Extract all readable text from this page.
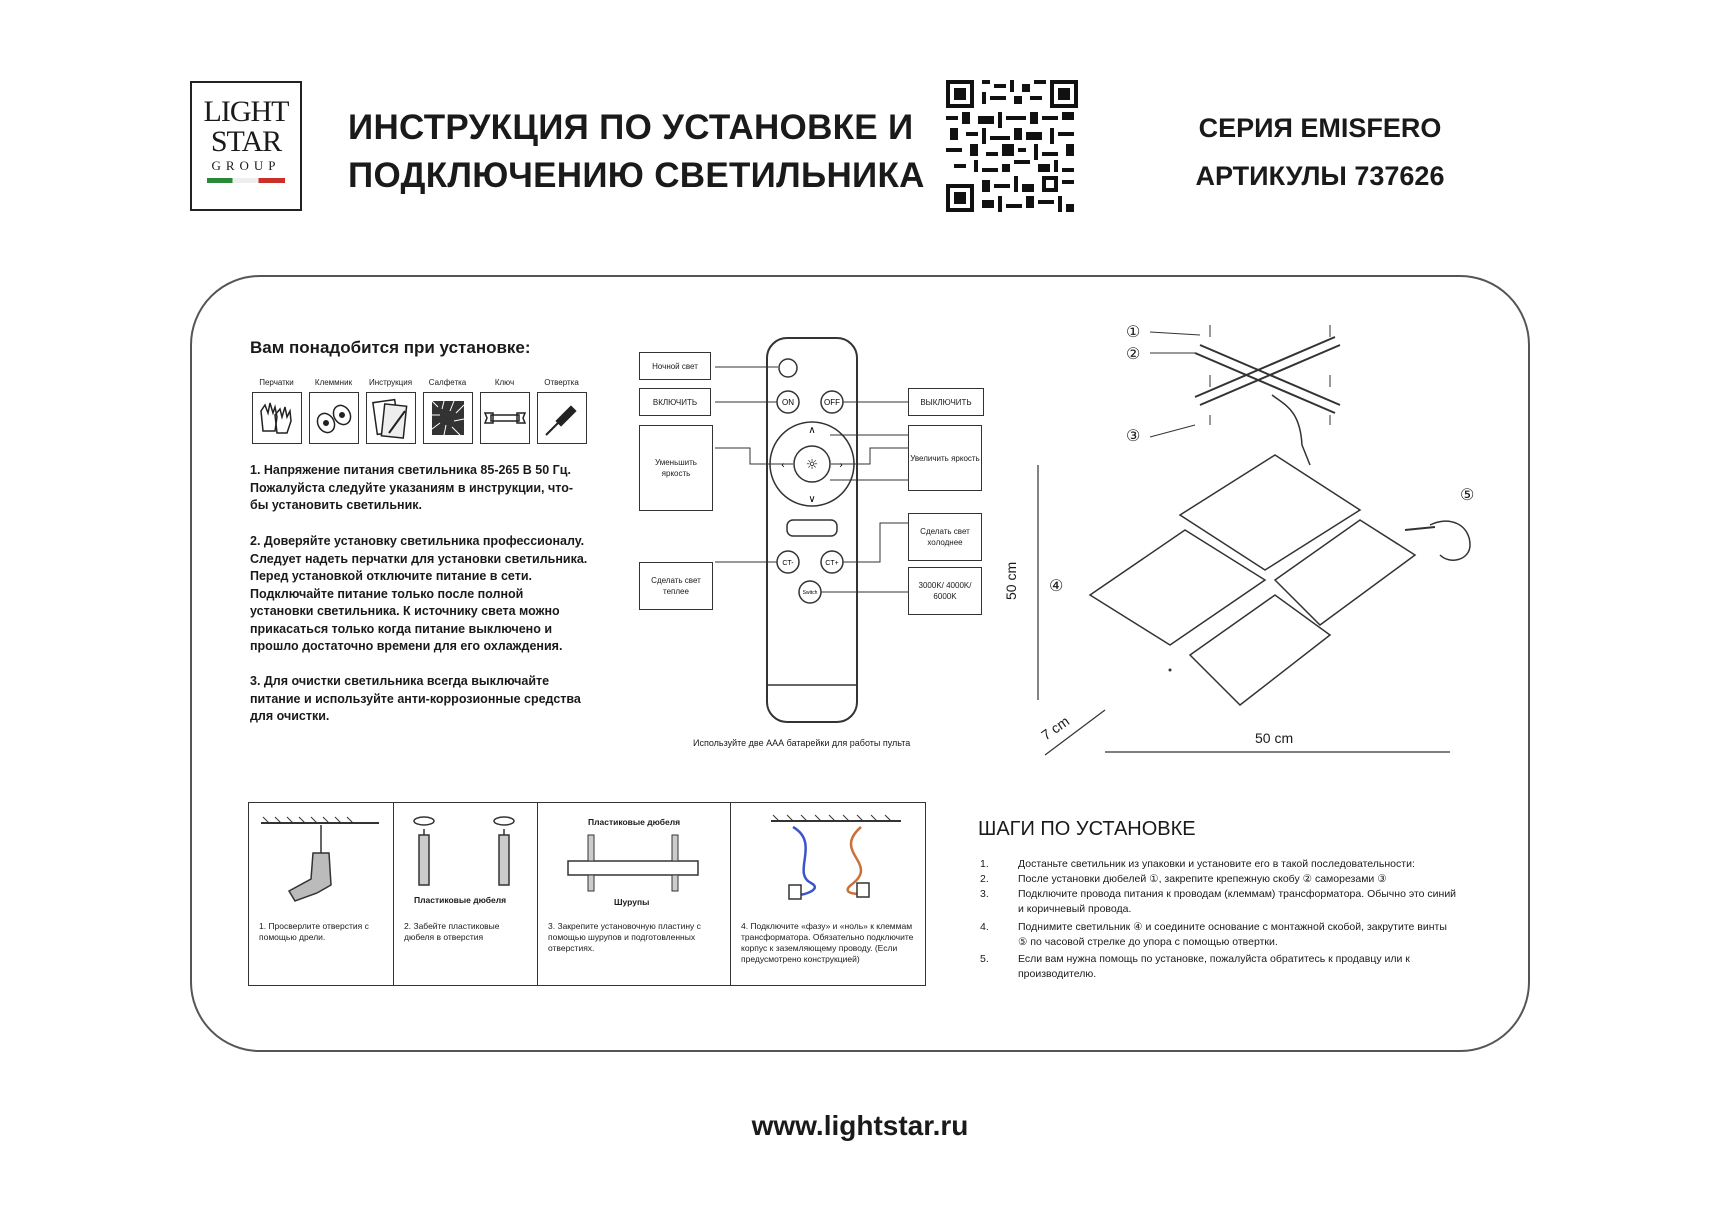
LIGHT
STAR
GROUP
ИНСТРУКЦИЯ ПО УСТАНОВКЕ И
ПОДКЛЮЧЕНИЮ СВЕТИЛЬНИКА
СЕРИЯ EMISFERO
АРТИКУЛЫ 737626
Вам понадобится при установке:
Перчатки	Клеммник	Инструкция	Салфетка	Ключ	Отвертка
1. Напряжение питания светильника 85-265 В 50 Гц. Пожалуйста следуйте указаниям в инструкции, что-бы установить светильник.
2. Доверяйте установку светильника профессионалу. Следует надеть перчатки для установки светильника. Перед установкой отключите питание в сети. Подключайте питание только после полной установки светильника. К источнику света можно прикасаться только когда питание выключено и прошло достаточно времени для его охлаждения.
3. Для очистки светильника всегда выключайте питание и используйте анти-коррозионные средства для очистки.
ON	OFF
☼
∧
∨
‹	›
CT-	CT+
Switch
Ночной свет
ВКЛЮЧИТЬ	ВЫКЛЮЧИТЬ
Уменьшить яркость
Увеличить яркость
Сделать свет холоднее
3000K/ 4000K/ 6000K
Сделать свет теплее
Используйте две ААА батарейки для работы пульта
①
②
③
④
⑤
50 cm
7 cm	50 cm
1. Просверлите отверстия с помощью дрели.
Пластиковые дюбеля
2. Забейте пластиковые дюбеля в отверстия
Пластиковые дюбеля
Шурупы
3. Закрепите установочную пластину с помощью шурупов и подготовленных отверстиях.
4. Подключите «фазу» и «ноль» к клеммам трансформатора. Обязательно подключите корпус к заземляющему проводу. (Если предусмотрено конструкцией)
ШАГИ ПО УСТАНОВКЕ
1.	Достаньте светильник из упаковки и установите его в такой последовательности:
2.	После установки дюбелей ①, закрепите крепежную скобу ② саморезами ③
3.	Подключите провода питания к проводам (клеммам) трансформатора. Обычно это синий и коричневый провода.
4.	Поднимите светильник ④ и соедините основание с монтажной скобой, закрутите винты ⑤ по часовой стрелке до упора с помощью отвертки.
5.	Если вам нужна помощь по установке, пожалуйста обратитесь к продавцу или к производителю.
www.lightstar.ru
